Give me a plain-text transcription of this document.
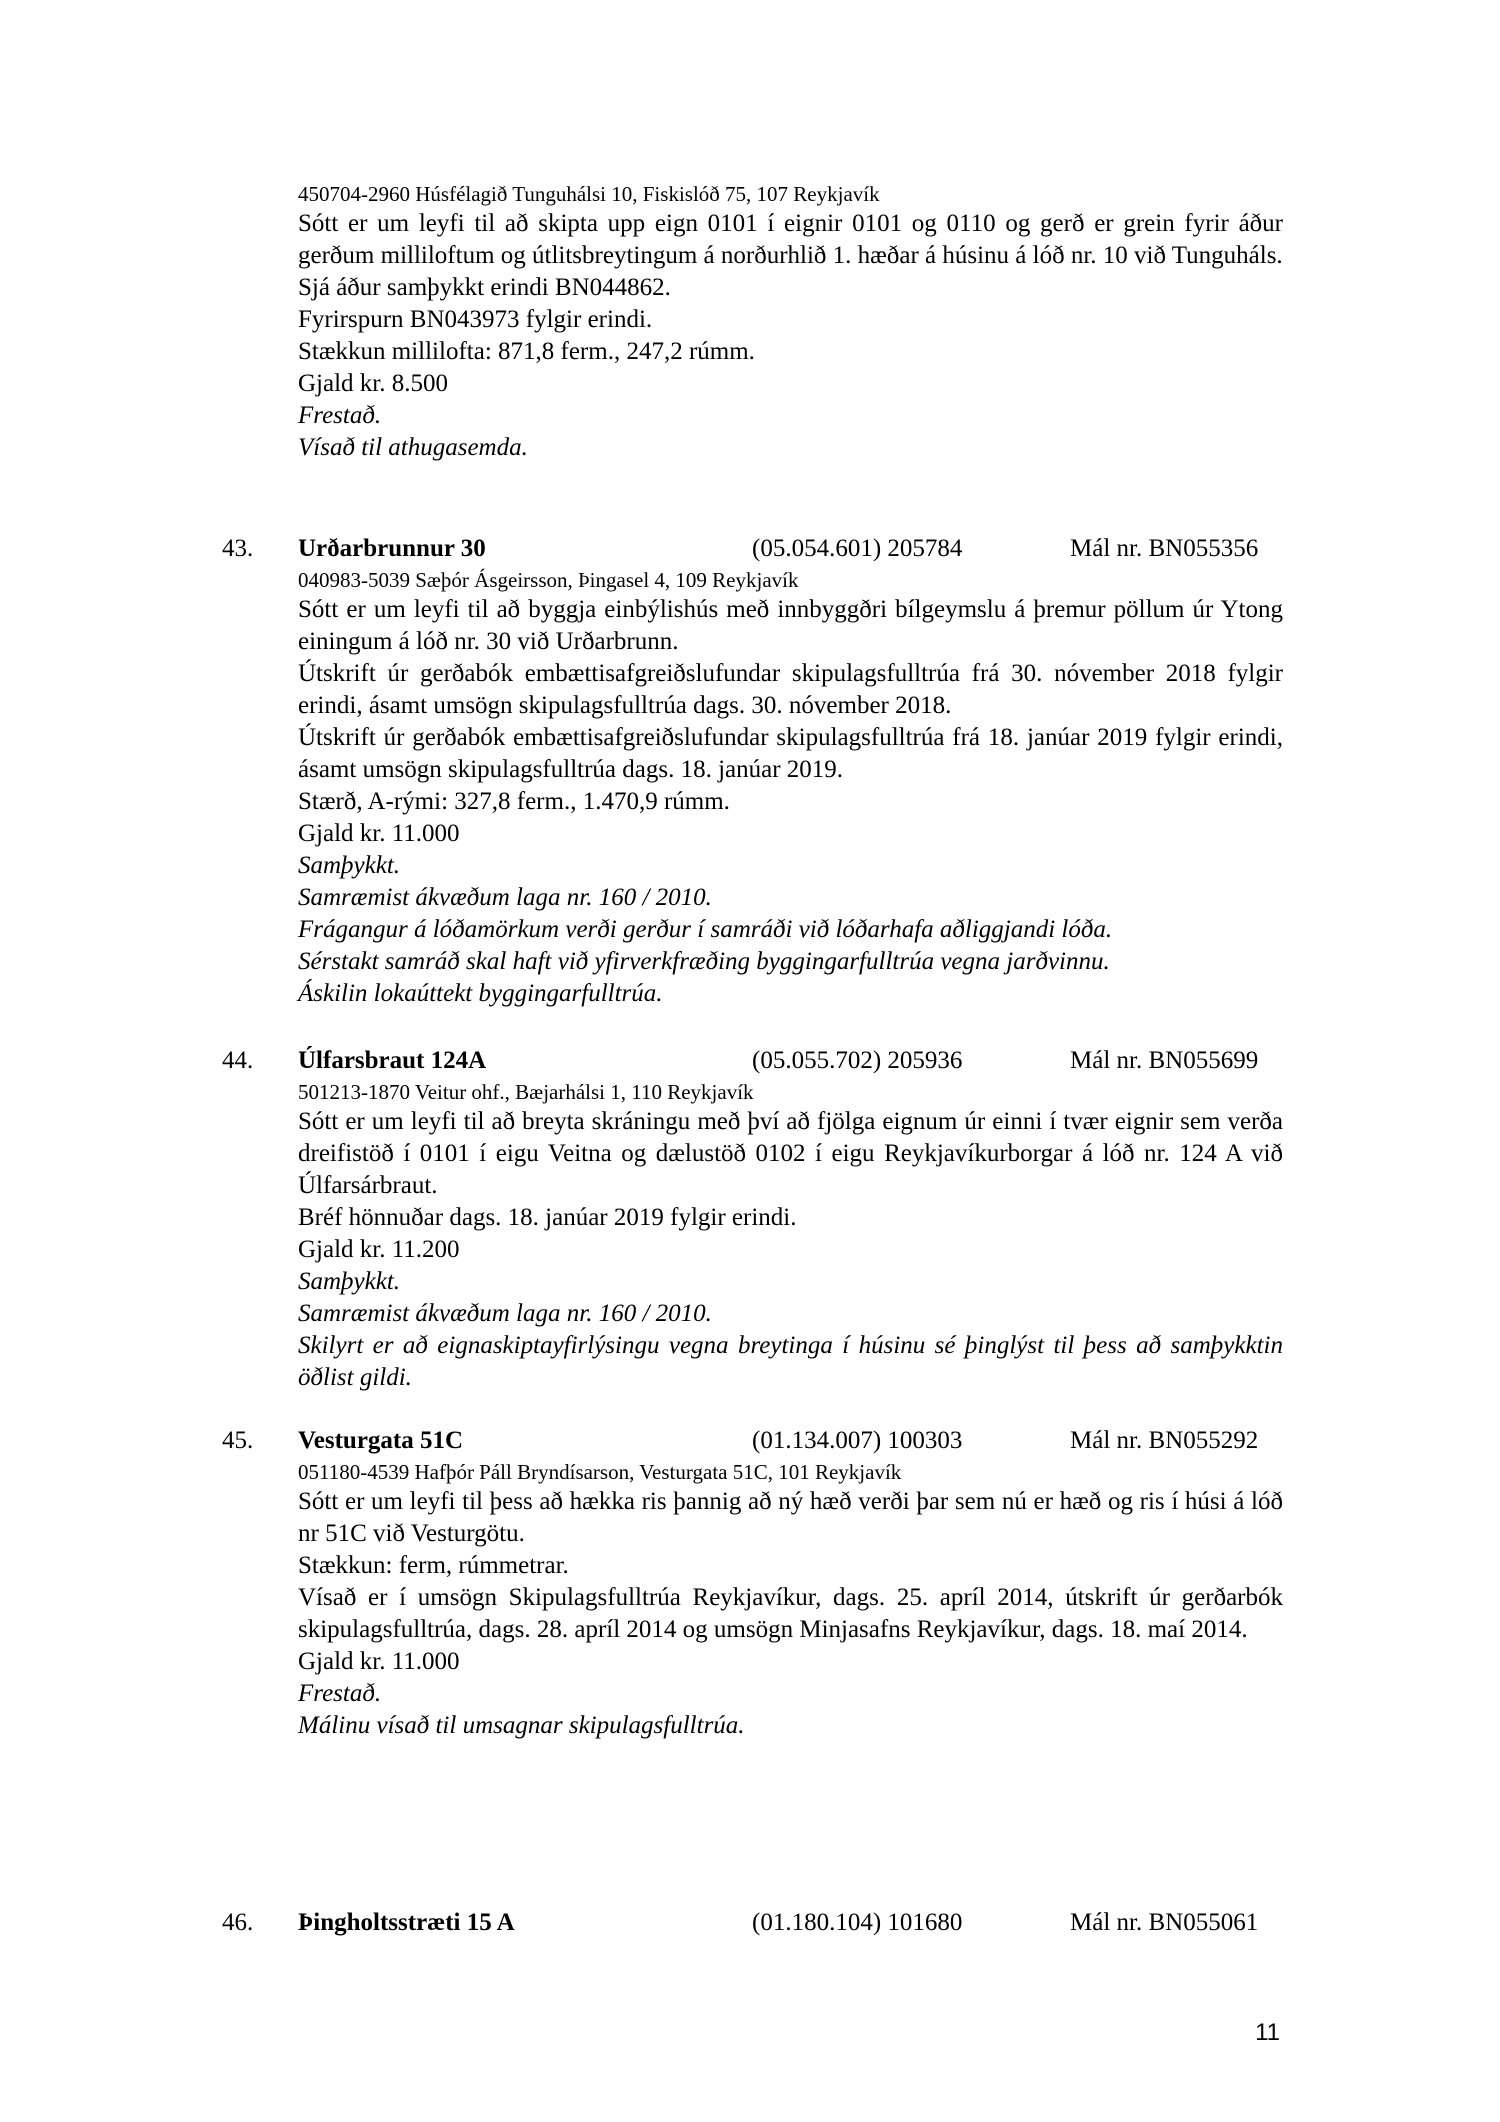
450704-2960 Húsfélagið Tunguhálsi 10, Fiskislóð 75, 107 Reykjavík
Sótt er um leyfi til að skipta upp eign 0101 í eignir 0101 og 0110 og gerð er grein fyrir áður gerðum milliloftum og útlitsbreytingum á norðurhlið 1. hæðar á húsinu á lóð nr. 10 við Tunguháls.
Sjá áður samþykkt erindi BN044862.
Fyrirspurn BN043973 fylgir erindi.
Stækkun millilofta: 871,8 ferm., 247,2 rúmm.
Gjald kr. 8.500
Frestað.
Vísað til athugasemda.
43. Urðarbrunnur 30	(05.054.601) 205784	Mál nr. BN055356
040983-5039 Sæþór Ásgeirsson, Þingasel 4, 109 Reykjavík
Sótt er um leyfi til að byggja einbýlishús með innbyggðri bílgeymslu á þremur pöllum úr Ytong einingum á lóð nr. 30 við Urðarbrunn.
Útskrift úr gerðabók embættisafgreiðslufundar skipulagsfulltrúa frá 30. nóvember 2018 fylgir erindi, ásamt umsögn skipulagsfulltrúa dags. 30. nóvember 2018.
Útskrift úr gerðabók embættisafgreiðslufundar skipulagsfulltrúa frá 18. janúar 2019 fylgir erindi, ásamt umsögn skipulagsfulltrúa dags. 18. janúar 2019.
Stærð, A-rými: 327,8 ferm., 1.470,9 rúmm.
Gjald kr. 11.000
Samþykkt.
Samræmist ákvæðum laga nr. 160 / 2010.
Frágangur á lóðamörkum verði gerður í samráði við lóðarhafa aðliggjandi lóða.
Sérstakt samráð skal haft við yfirverkfræðing byggingarfulltrúa vegna jarðvinnu.
Áskilin lokaúttekt byggingarfulltrúa.
44. Úlfarsbraut 124A	(05.055.702) 205936	Mál nr. BN055699
501213-1870 Veitur ohf., Bæjarhálsi 1, 110 Reykjavík
Sótt er um leyfi til að breyta skráningu með því að fjölga eignum úr einni í tvær eignir sem verða dreifistöð í 0101 í eigu Veitna og dælustöð 0102 í eigu Reykjavíkurborgar á lóð nr. 124 A við Úlfarsárbraut.
Bréf hönnuðar dags. 18. janúar 2019 fylgir erindi.
Gjald kr. 11.200
Samþykkt.
Samræmist ákvæðum laga nr. 160 / 2010.
Skilyrt er að eignaskiptayfirlýsingu vegna breytinga í húsinu sé þinglýst til þess að samþykktin öðlist gildi.
45. Vesturgata 51C	(01.134.007) 100303	Mál nr. BN055292
051180-4539 Hafþór Páll Bryndísarson, Vesturgata 51C, 101 Reykjavík
Sótt er um leyfi til þess að hækka ris þannig að ný hæð verði þar sem nú er hæð og ris í húsi á lóð nr 51C við Vesturgötu.
Stækkun: ferm, rúmmetrar.
Vísað er í umsögn Skipulagsfulltrúa Reykjavíkur, dags. 25. apríl 2014, útskrift úr gerðarbók skipulagsfulltrúa, dags. 28. apríl 2014 og umsögn Minjasafns Reykjavíkur, dags. 18. maí 2014.
Gjald kr. 11.000
Frestað.
Málinu vísað til umsagnar skipulagsfulltrúa.
46. Þingholtsstræti 15 A	(01.180.104) 101680	Mál nr. BN055061
11
